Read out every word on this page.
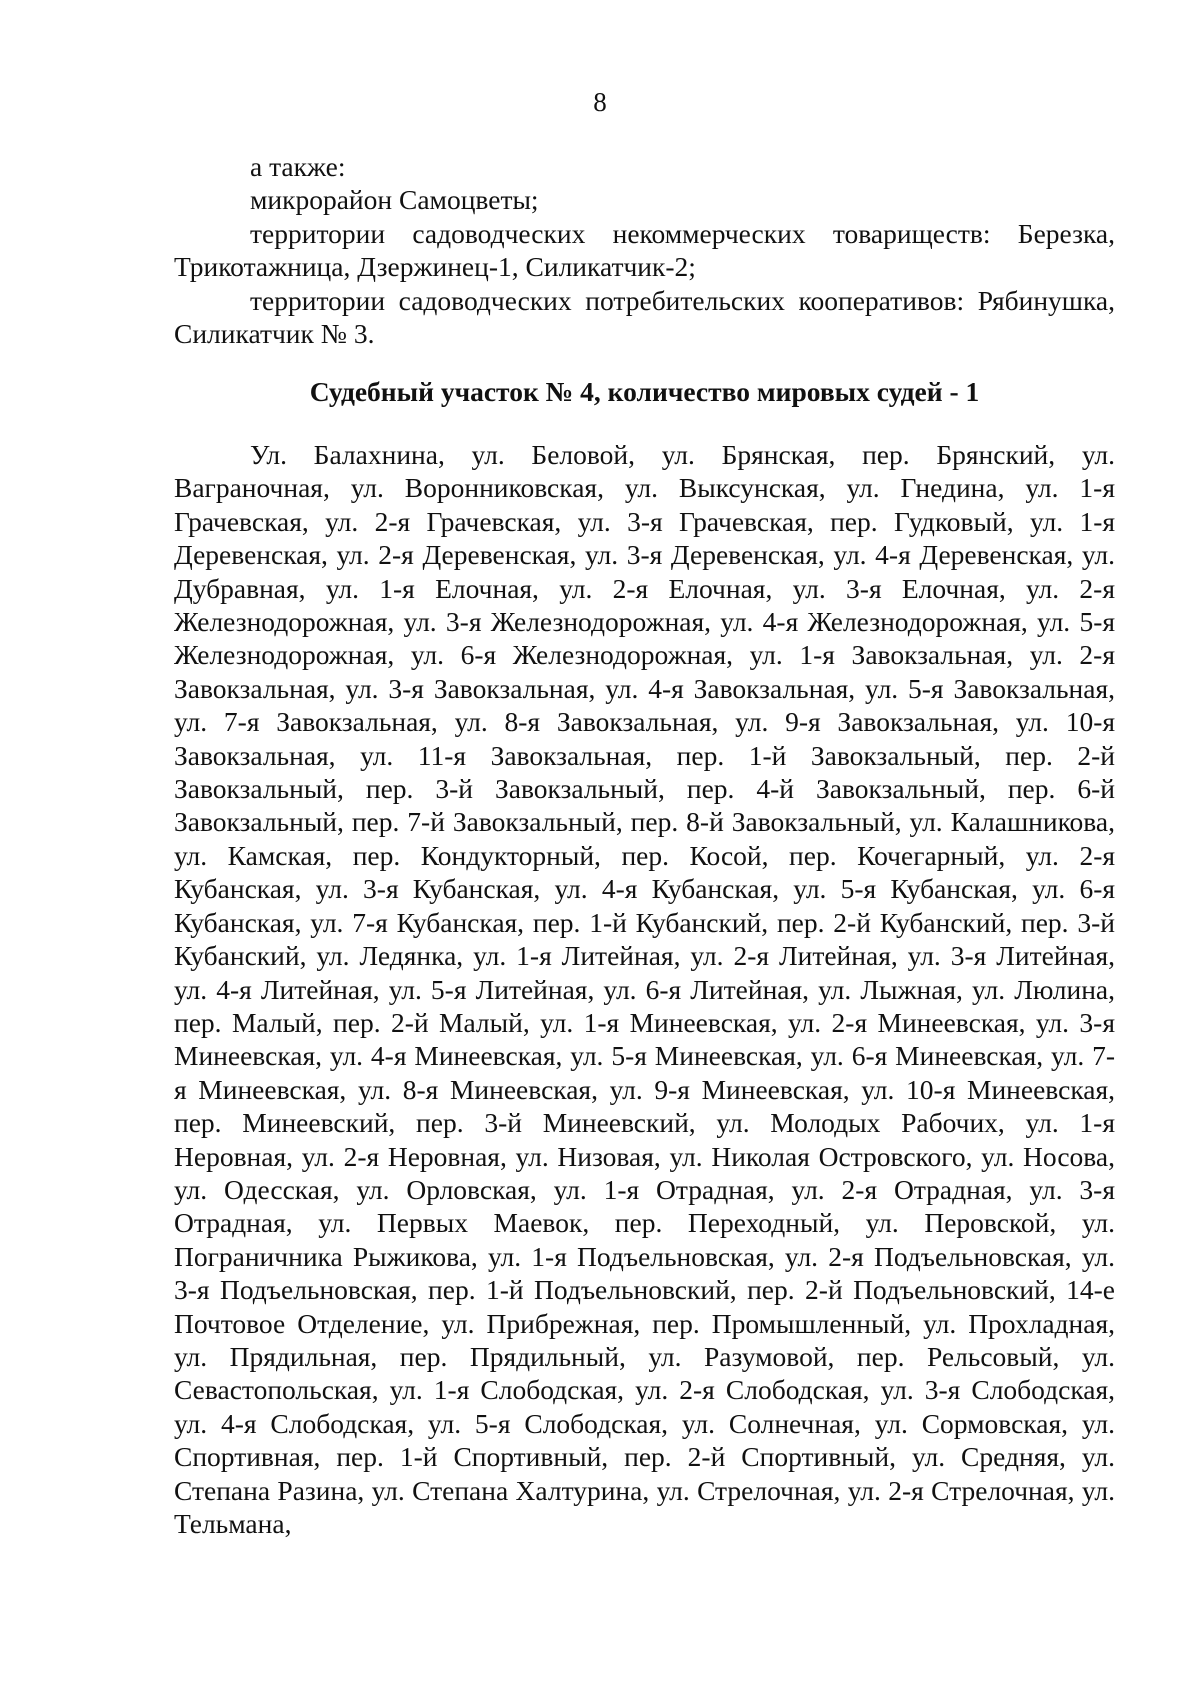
8

а также:

микрорайон Самоцветы;

территории садоводческих некоммерческих товариществ: Березка, Трикотажница, Дзержинец-1, Силикатчик-2;

территории садоводческих потребительских кооперативов: Рябинушка, Силикатчик № 3.

Судебный участок № 4, количество мировых судей - 1

Ул. Балахнина, ул. Беловой, ул. Брянская, пер. Брянский, ул. Ваграночная, ул. Воронниковская, ул. Выксунская, ул. Гнедина, ул. 1-я Грачевская, ул. 2-я Грачевская, ул. 3-я Грачевская, пер. Гудковый, ул. 1-я Деревенская, ул. 2-я Деревенская, ул. 3-я Деревенская, ул. 4-я Деревенская, ул. Дубравная, ул. 1-я Елочная, ул. 2-я Елочная, ул. 3-я Елочная, ул. 2-я Железнодорожная, ул. 3-я Железнодорожная, ул. 4-я Железнодорожная, ул. 5-я Железнодорожная, ул. 6-я Железнодорожная, ул. 1-я Завокзальная, ул. 2-я Завокзальная, ул. 3-я Завокзальная, ул. 4-я Завокзальная, ул. 5-я Завокзальная, ул. 7-я Завокзальная, ул. 8-я Завокзальная, ул. 9-я Завокзальная, ул. 10-я Завокзальная, ул. 11-я Завокзальная, пер. 1-й Завокзальный, пер. 2-й Завокзальный, пер. 3-й Завокзальный, пер. 4-й Завокзальный, пер. 6-й Завокзальный, пер. 7-й Завокзальный, пер. 8-й Завокзальный, ул. Калашникова, ул. Камская, пер. Кондукторный, пер. Косой, пер. Кочегарный, ул. 2-я Кубанская, ул. 3-я Кубанская, ул. 4-я Кубанская, ул. 5-я Кубанская, ул. 6-я Кубанская, ул. 7-я Кубанская, пер. 1-й Кубанский, пер. 2-й Кубанский, пер. 3-й Кубанский, ул. Ледянка, ул. 1-я Литейная, ул. 2-я Литейная, ул. 3-я Литейная, ул. 4-я Литейная, ул. 5-я Литейная, ул. 6-я Литейная, ул. Лыжная, ул. Люлина, пер. Малый, пер. 2-й Малый, ул. 1-я Минеевская, ул. 2-я Минеевская, ул. 3-я Минеевская, ул. 4-я Минеевская, ул. 5-я Минеевская, ул. 6-я Минеевская, ул. 7-я Минеевская, ул. 8-я Минеевская, ул. 9-я Минеевская, ул. 10-я Минеевская, пер. Минеевский, пер. 3-й Минеевский, ул. Молодых Рабочих, ул. 1-я Неровная, ул. 2-я Неровная, ул. Низовая, ул. Николая Островского, ул. Носова, ул. Одесская, ул. Орловская, ул. 1-я Отрадная, ул. 2-я Отрадная, ул. 3-я Отрадная, ул. Первых Маевок, пер. Переходный, ул. Перовской, ул. Пограничника Рыжикова, ул. 1-я Подъельновская, ул. 2-я Подъельновская, ул. 3-я Подъельновская, пер. 1-й Подъельновский, пер. 2-й Подъельновский, 14-е Почтовое Отделение, ул. Прибрежная, пер. Промышленный, ул. Прохладная, ул. Прядильная, пер. Прядильный, ул. Разумовой, пер. Рельсовый, ул. Севастопольская, ул. 1-я Слободская, ул. 2-я Слободская, ул. 3-я Слободская, ул. 4-я Слободская, ул. 5-я Слободская, ул. Солнечная, ул. Сормовская, ул. Спортивная, пер. 1-й Спортивный, пер. 2-й Спортивный, ул. Средняя, ул. Степана Разина, ул. Степана Халтурина, ул. Стрелочная, ул. 2-я Стрелочная, ул. Тельмана,
